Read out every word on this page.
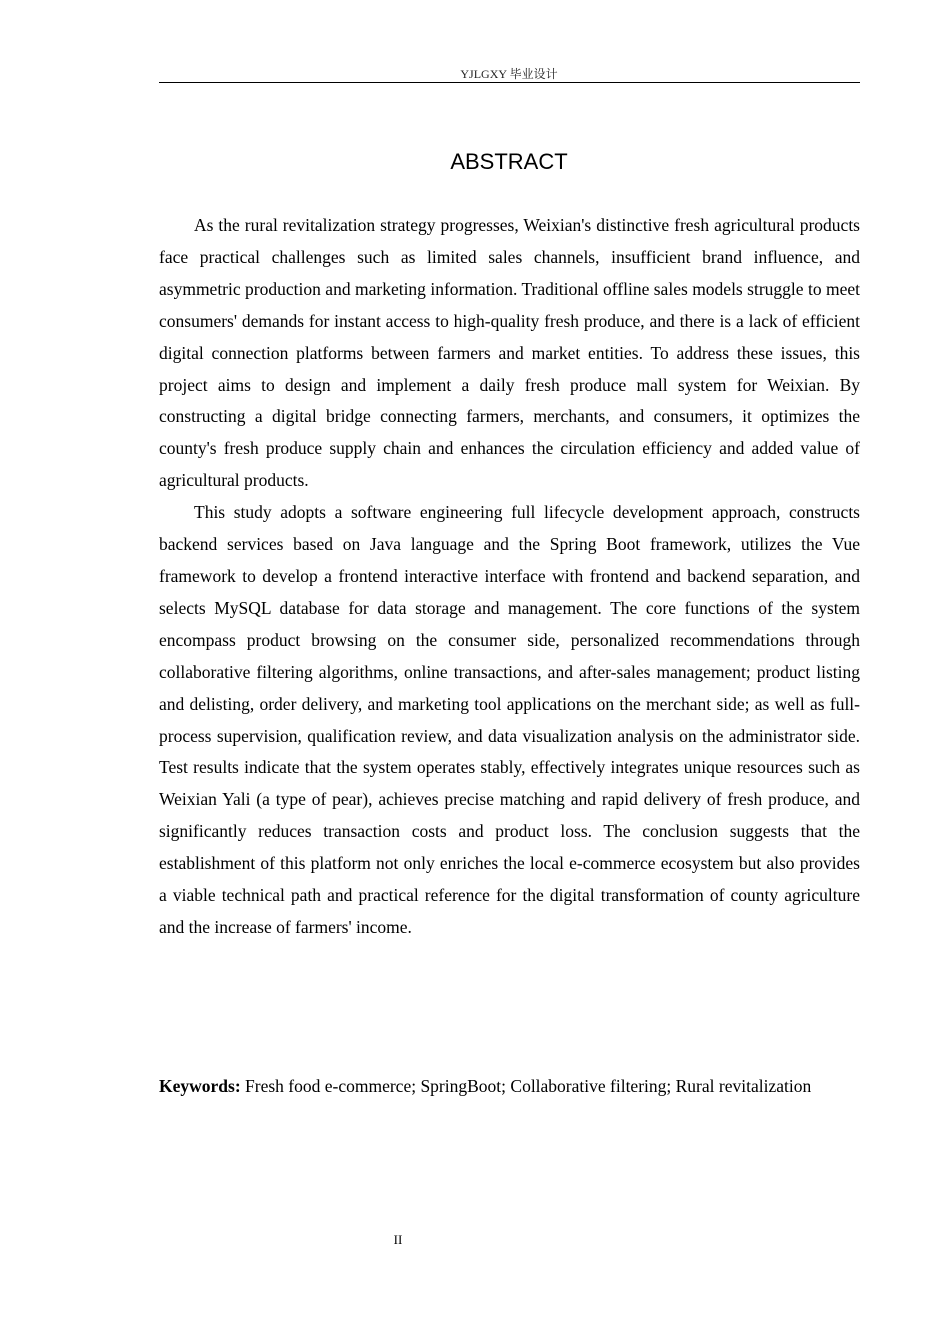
YJLGXY 毕业设计
ABSTRACT

As the rural revitalization strategy progresses, Weixian's distinctive fresh agricultural products face practical challenges such as limited sales channels, insufficient brand influence, and asymmetric production and marketing information. Traditional offline sales models struggle to meet consumers' demands for instant access to high-quality fresh produce, and there is a lack of efficient digital connection platforms between farmers and market entities. To address these issues, this project aims to design and implement a daily fresh produce mall system for Weixian. By constructing a digital bridge connecting farmers, merchants, and consumers, it optimizes the county's fresh produce supply chain and enhances the circulation efficiency and added value of agricultural products.

This study adopts a software engineering full lifecycle development approach, constructs backend services based on Java language and the Spring Boot framework, utilizes the Vue framework to develop a frontend interactive interface with frontend and backend separation, and selects MySQL database for data storage and management. The core functions of the system encompass product browsing on the consumer side, personalized recommendations through collaborative filtering algorithms, online transactions, and after-sales management; product listing and delisting, order delivery, and marketing tool applications on the merchant side; as well as full-process supervision, qualification review, and data visualization analysis on the administrator side. Test results indicate that the system operates stably, effectively integrates unique resources such as Weixian Yali (a type of pear), achieves precise matching and rapid delivery of fresh produce, and significantly reduces transaction costs and product loss. The conclusion suggests that the establishment of this platform not only enriches the local e-commerce ecosystem but also provides a viable technical path and practical reference for the digital transformation of county agriculture and the increase of farmers' income.

Keywords: Fresh food e-commerce; SpringBoot; Collaborative filtering; Rural revitalization
II
